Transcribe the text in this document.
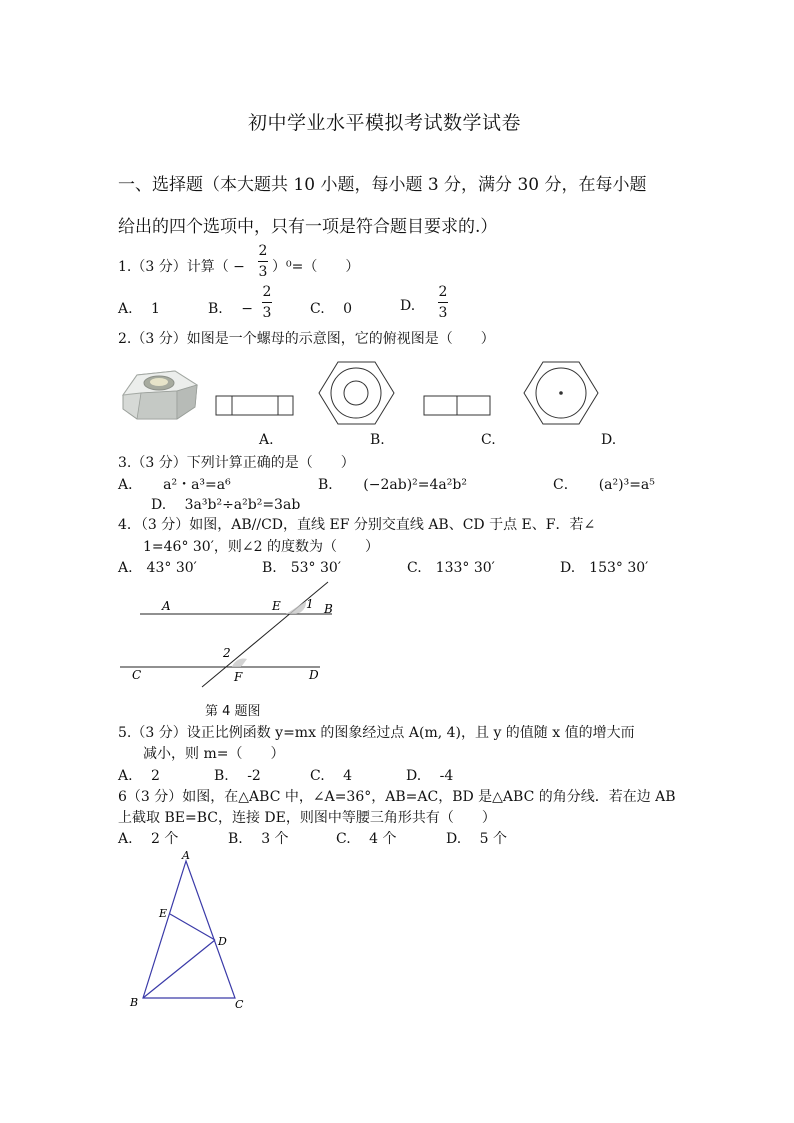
初中学业水平模拟考试数学试卷
一、选择题（本大题共 10 小题，每小题 3 分，满分 30 分，在每小题
给出的四个选项中，只有一项是符合题目要求的.）
1.（3 分）计算（ −
2
3 ）⁰=（　　）
A.　 1	B.　 −
2
3	C.　 0	D.
2
3
2.（3 分）如图是一个螺母的示意图，它的俯视图是（　　）
A.	B.	C.	D.
3.（3 分）下列计算正确的是（　　）
A．　　a²・a³=a⁶	B．　　(−2ab)²=4a²b²	C．　　(a²)³=a⁵
D.　 3a³b²÷a²b²=3ab
4．（3 分）如图，AB//CD，直线 EF 分别交直线 AB、CD 于点 E、F．若∠
1=46° 30′，则∠2 的度数为（　　）
A.　43° 30′	B.　53° 30′	C.　133° 30′	D.　153° 30′
A	E 1 B
2
C	F	D
第 4 题图
5.（3 分）设正比例函数 y=mx 的图象经过点 A(m, 4)，且 y 的值随 x 值的增大而
减小，则 m=（　　）
A.　 2	B.　 -2	C.　 4	D.　 -4
6（3 分）如图，在△ABC 中，∠A=36°，AB=AC，BD 是△ABC 的角分线．若在边 AB
上截取 BE=BC，连接 DE，则图中等腰三角形共有（　　）
A.　 2 个	B.　 3 个	C.　 4 个	D.　 5 个
A
E
D
B	C
